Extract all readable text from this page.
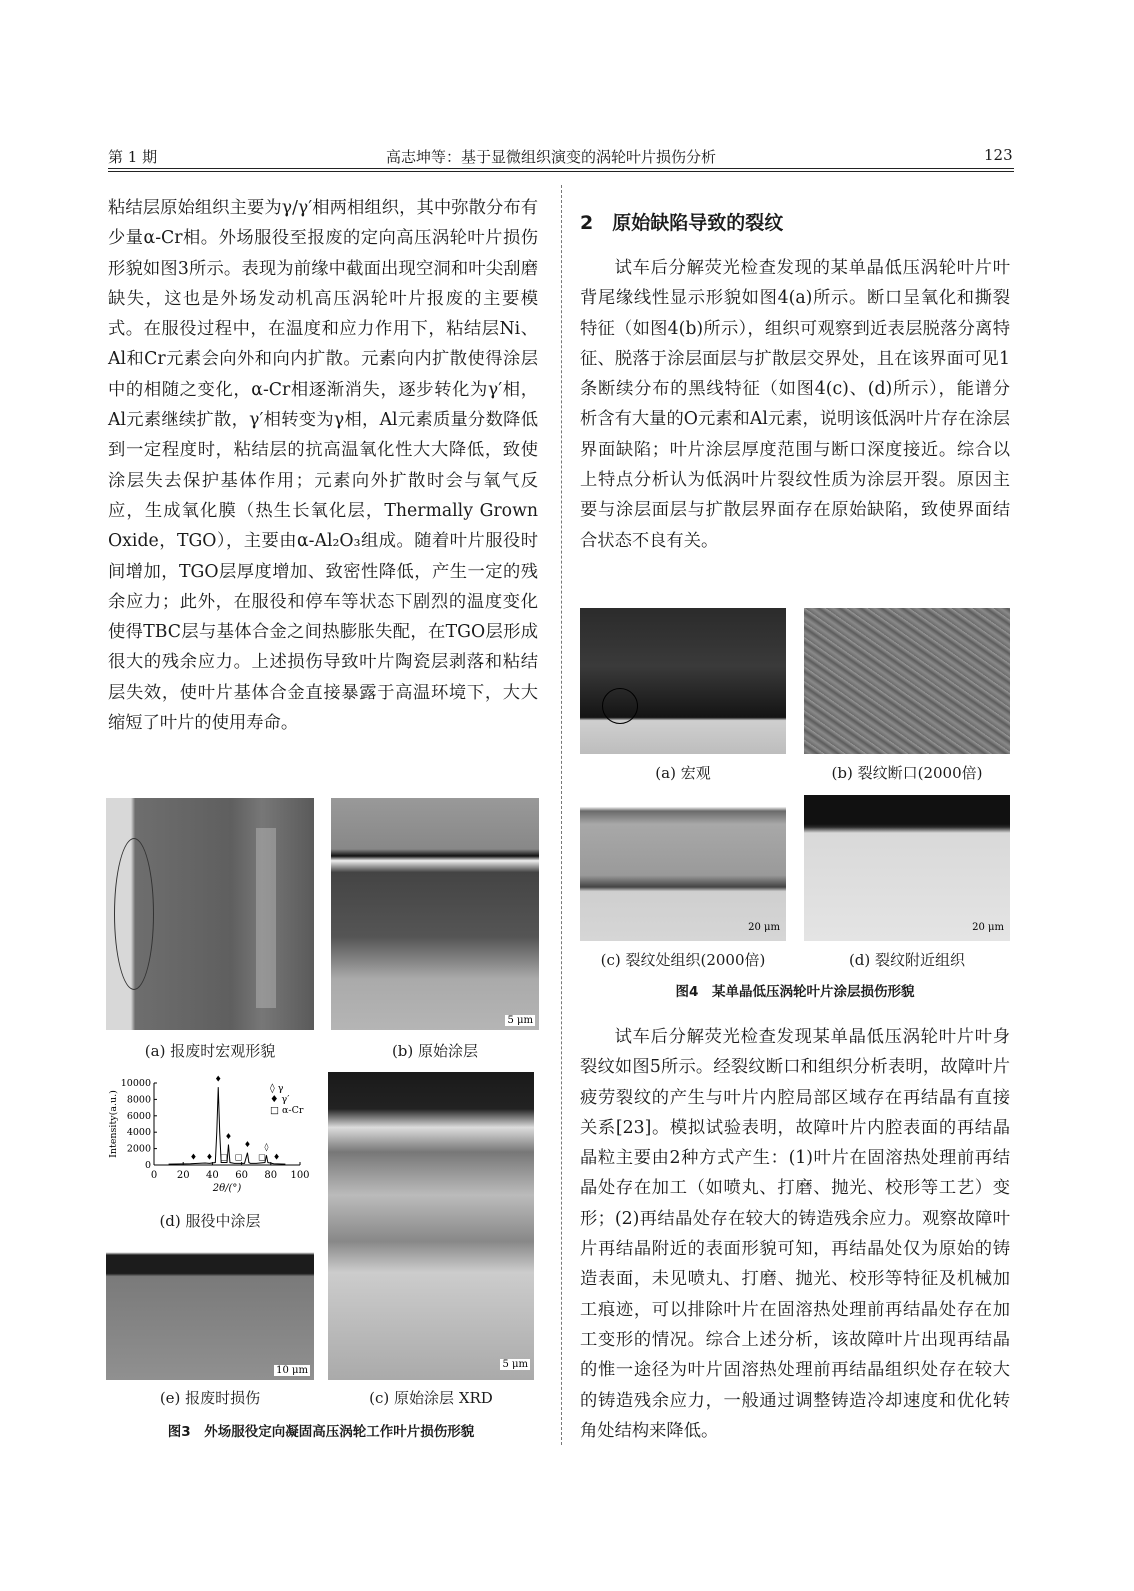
第 1 期	高志坤等：基于显微组织演变的涡轮叶片损伤分析	123

粘结层原始组织主要为γ/γ′相两相组织，其中弥散分布有少量α-Cr相。外场服役至报废的定向高压涡轮叶片损伤形貌如图3所示。表现为前缘中截面出现空洞和叶尖刮磨缺失，这也是外场发动机高压涡轮叶片报废的主要模式。在服役过程中，在温度和应力作用下，粘结层Ni、Al和Cr元素会向外和向内扩散。元素向内扩散使得涂层中的相随之变化，α-Cr相逐渐消失，逐步转化为γ′相，Al元素继续扩散，γ′相转变为γ相，Al元素质量分数降低到一定程度时，粘结层的抗高温氧化性大大降低，致使涂层失去保护基体作用；元素向外扩散时会与氧气反应，生成氧化膜（热生长氧化层，Thermally Grown Oxide，TGO），主要由α-Al₂O₃组成。随着叶片服役时间增加，TGO层厚度增加、致密性降低，产生一定的残余应力；此外，在服役和停车等状态下剧烈的温度变化使得TBC层与基体合金之间热膨胀失配，在TGO层形成很大的残余应力。上述损伤导致叶片陶瓷层剥落和粘结层失效，使叶片基体合金直接暴露于高温环境下，大大缩短了叶片的使用寿命。

5 μm
10 μm
5 μm
0 20 40 60 80 100
0
2000
4000
6000
8000
10000
2θ/(°)
Intensity(a.u.)	♦
♦
♦
♦ ◊
♦ □ □ □ ♦
◊ γ
♦ γ′
□ α-Cr
(a) 报废时宏观形貌	(b) 原始涂层
(d) 服役中涂层
(e) 报废时损伤	(c) 原始涂层 XRD
图3　外场服役定向凝固高压涡轮工作叶片损伤形貌
2　原始缺陷导致的裂纹

试车后分解荧光检查发现的某单晶低压涡轮叶片叶背尾缘线性显示形貌如图4(a)所示。断口呈氧化和撕裂特征（如图4(b)所示），组织可观察到近表层脱落分离特征、脱落于涂层面层与扩散层交界处，且在该界面可见1条断续分布的黑线特征（如图4(c)、(d)所示），能谱分析含有大量的O元素和Al元素，说明该低涡叶片存在涂层界面缺陷；叶片涂层厚度范围与断口深度接近。综合以上特点分析认为低涡叶片裂纹性质为涂层开裂。原因主要与涂层面层与扩散层界面存在原始缺陷，致使界面结合状态不良有关。

20 μm	20 μm
(a) 宏观	(b) 裂纹断口(2000倍)
(c) 裂纹处组织(2000倍)	(d) 裂纹附近组织
图4　某单晶低压涡轮叶片涂层损伤形貌

试车后分解荧光检查发现某单晶低压涡轮叶片叶身裂纹如图5所示。经裂纹断口和组织分析表明，故障叶片疲劳裂纹的产生与叶片内腔局部区域存在再结晶有直接关系[23]。模拟试验表明，故障叶片内腔表面的再结晶晶粒主要由2种方式产生：(1)叶片在固溶热处理前再结晶处存在加工（如喷丸、打磨、抛光、校形等工艺）变形；(2)再结晶处存在较大的铸造残余应力。观察故障叶片再结晶附近的表面形貌可知，再结晶处仅为原始的铸造表面，未见喷丸、打磨、抛光、校形等特征及机械加工痕迹，可以排除叶片在固溶热处理前再结晶处存在加工变形的情况。综合上述分析，该故障叶片出现再结晶的惟一途径为叶片固溶热处理前再结晶组织处存在较大的铸造残余应力，一般通过调整铸造冷却速度和优化转角处结构来降低。
